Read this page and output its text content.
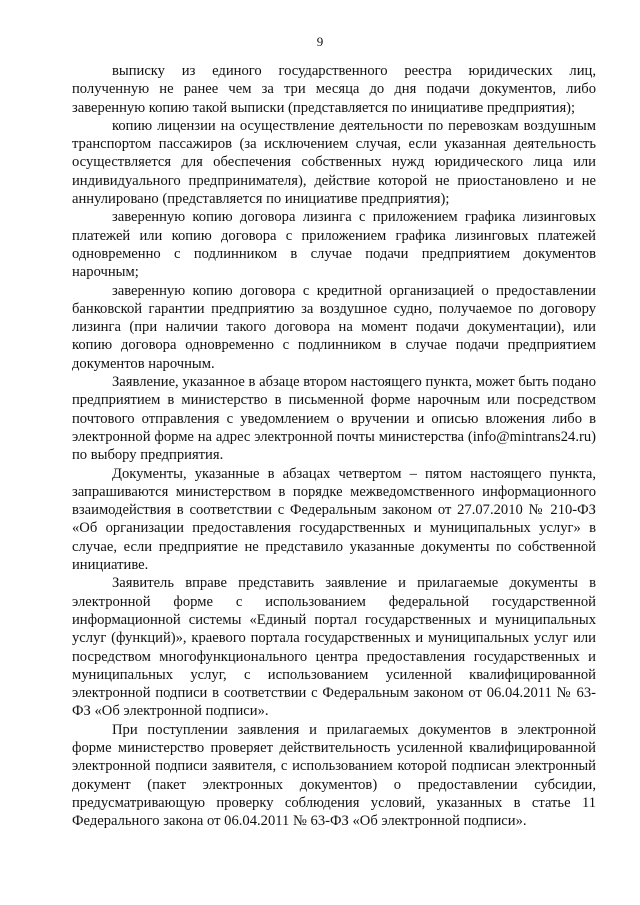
9

выписку из единого государственного реестра юридических лиц, полученную не ранее чем за три месяца до дня подачи документов, либо заверенную копию такой выписки (представляется по инициативе предприятия);

копию лицензии на осуществление деятельности по перевозкам воздушным транспортом пассажиров (за исключением случая, если указанная деятельность осуществляется для обеспечения собственных нужд юридического лица или индивидуального предпринимателя), действие которой не приостановлено и не аннулировано (представляется по инициативе предприятия);

заверенную копию договора лизинга с приложением графика лизинговых платежей или копию договора с приложением графика лизинговых платежей одновременно с подлинником в случае подачи предприятием документов нарочным;

заверенную копию договора с кредитной организацией о предоставлении банковской гарантии предприятию за воздушное судно, получаемое по договору лизинга (при наличии такого договора на момент подачи документации), или копию договора одновременно с подлинником в случае подачи предприятием документов нарочным.

Заявление, указанное в абзаце втором настоящего пункта, может быть подано предприятием в министерство в письменной форме нарочным или посредством почтового отправления с уведомлением о вручении и описью вложения либо в электронной форме на адрес электронной почты министерства (info@mintrans24.ru) по выбору предприятия.

Документы, указанные в абзацах четвертом – пятом настоящего пункта, запрашиваются министерством в порядке межведомственного информационного взаимодействия в соответствии с Федеральным законом от 27.07.2010 № 210-ФЗ «Об организации предоставления государственных и муниципальных услуг» в случае, если предприятие не представило указанные документы по собственной инициативе.

Заявитель вправе представить заявление и прилагаемые документы в электронной форме с использованием федеральной государственной информационной системы «Единый портал государственных и муниципальных услуг (функций)», краевого портала государственных и муниципальных услуг или посредством многофункционального центра предоставления государственных и муниципальных услуг, с использованием усиленной квалифицированной электронной подписи в соответствии с Федеральным законом от 06.04.2011 № 63-ФЗ «Об электронной подписи».

При поступлении заявления и прилагаемых документов в электронной форме министерство проверяет действительность усиленной квалифицированной электронной подписи заявителя, с использованием которой подписан электронный документ (пакет электронных документов) о предоставлении субсидии, предусматривающую проверку соблюдения условий, указанных в статье 11 Федерального закона от 06.04.2011 № 63-ФЗ «Об электронной подписи».
